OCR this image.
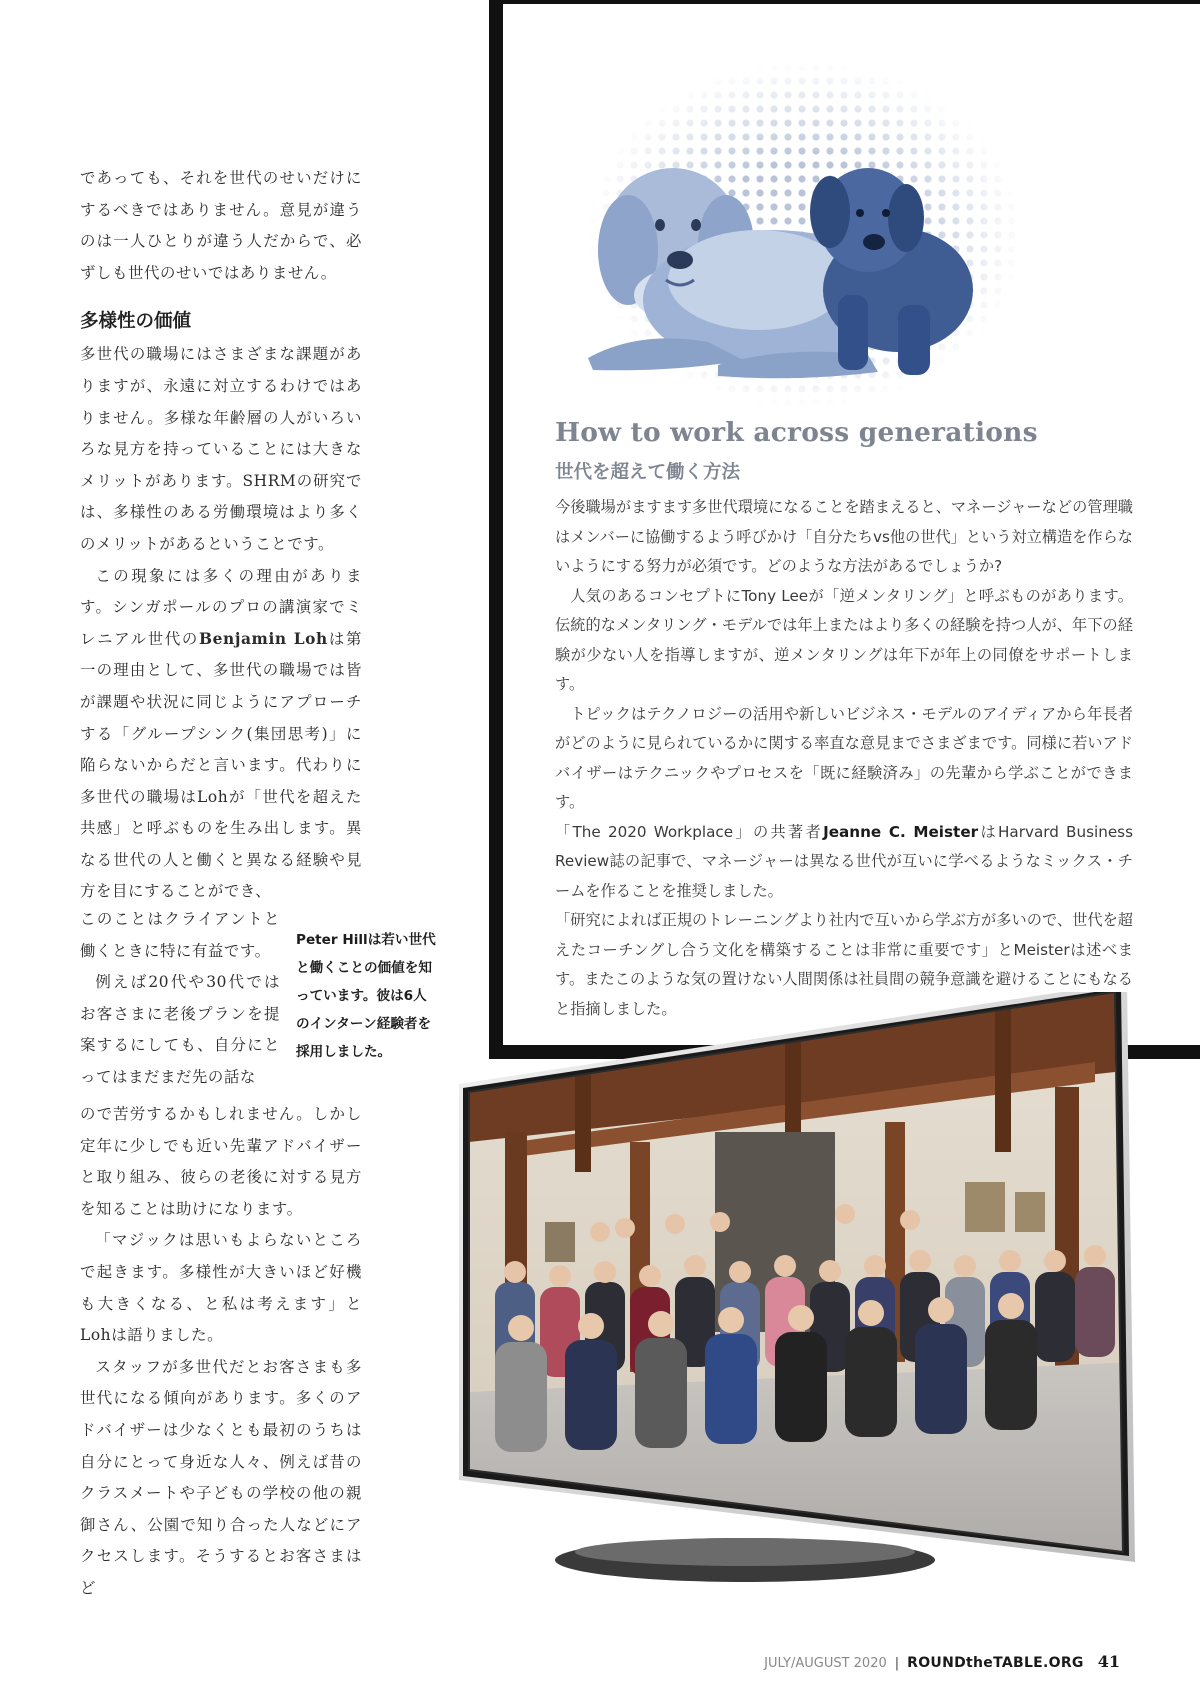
であっても、それを世代のせいだけにするべきではありません。意見が違うのは一人ひとりが違う人だからで、必ずしも世代のせいではありません。

多様性の価値

多世代の職場にはさまざまな課題がありますが、永遠に対立するわけではありません。多様な年齢層の人がいろいろな見方を持っていることには大きなメリットがあります。SHRMの研究では、多様性のある労働環境はより多くのメリットがあるということです。

この現象には多くの理由があります。シンガポールのプロの講演家でミレニアル世代のBenjamin Lohは第一の理由として、多世代の職場では皆が課題や状況に同じようにアプローチする「グループシンク(集団思考)」に陥らないからだと言います。代わりに多世代の職場はLohが「世代を超えた共感」と呼ぶものを生み出します。異なる世代の人と働くと異なる経験や見方を目にすることができ、

このことはクライアントと働くときに特に有益です。

例えば20代や30代ではお客さまに老後プランを提案するにしても、自分にとってはまだまだ先の話な

ので苦労するかもしれません。しかし定年に少しでも近い先輩アドバイザーと取り組み、彼らの老後に対する見方を知ることは助けになります。

「マジックは思いもよらないところで起きます。多様性が大きいほど好機も大きくなる、と私は考えます」とLohは語りました。

スタッフが多世代だとお客さまも多世代になる傾向があります。多くのアドバイザーは少なくとも最初のうちは自分にとって身近な人々、例えば昔のクラスメートや子どもの学校の他の親御さん、公園で知り合った人などにアクセスします。そうするとお客さまはど

Peter Hillは若い世代と働くことの価値を知っています。彼は6人のインターン経験者を採用しました。
How to work across generations
世代を超えて働く方法

今後職場がますます多世代環境になることを踏まえると、マネージャーなどの管理職はメンバーに協働するよう呼びかけ「自分たちvs他の世代」という対立構造を作らないようにする努力が必須です。どのような方法があるでしょうか?

人気のあるコンセプトにTony Leeが「逆メンタリング」と呼ぶものがあります。伝統的なメンタリング・モデルでは年上またはより多くの経験を持つ人が、年下の経験が少ない人を指導しますが、逆メンタリングは年下が年上の同僚をサポートします。

トピックはテクノロジーの活用や新しいビジネス・モデルのアイディアから年長者がどのように見られているかに関する率直な意見までさまざまです。同様に若いアドバイザーはテクニックやプロセスを「既に経験済み」の先輩から学ぶことができます。

「The 2020 Workplace」の共著者Jeanne C. MeisterはHarvard Business Review誌の記事で、マネージャーは異なる世代が互いに学べるようなミックス・チームを作ることを推奨しました。

「研究によれば正規のトレーニングより社内で互いから学ぶ方が多いので、世代を超えたコーチングし合う文化を構築することは非常に重要です」とMeisterは述べます。またこのような気の置けない人間関係は社員間の競争意識を避けることにもなると指摘しました。

JULY/AUGUST 2020 | ROUNDtheTABLE.ORG 41
